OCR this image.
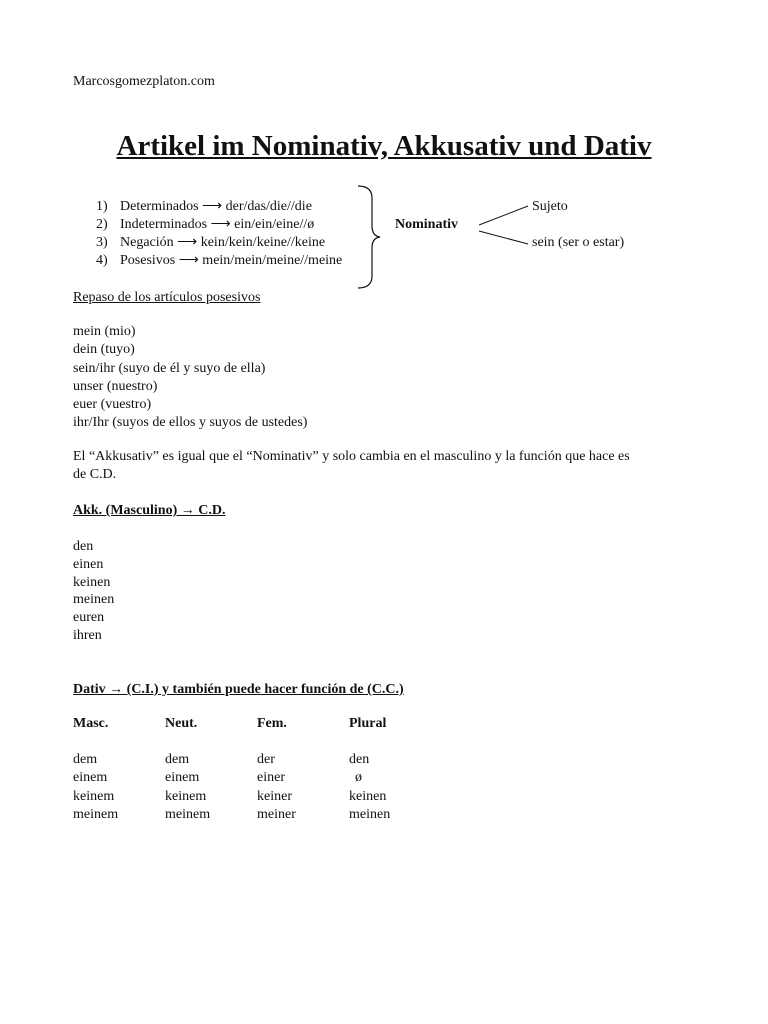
Marcosgomezplaton.com
Artikel im Nominativ, Akkusativ und Dativ
1) Determinados ⟶ der/das/die//die
2) Indeterminados ⟶ ein/ein/eine//ø
3) Negación ⟶ kein/kein/keine//keine
4) Posesivos ⟶ mein/mein/meine//meine
Nominativ
Sujeto
sein (ser o estar)
Repaso de los artículos posesivos
mein (mio)
dein (tuyo)
sein/ihr (suyo de él y suyo de ella)
unser (nuestro)
euer (vuestro)
ihr/Ihr (suyos de ellos y suyos de ustedes)
El “Akkusativ” es igual que el “Nominativ” y solo cambia en el masculino y la función que hace es
de C.D.
Akk. (Masculino) → C.D.
den
einen
keinen
meinen
euren
ihren
Dativ → (C.I.) y también puede hacer función de (C.C.)
Masc.	Neut.	Fem.	Plural
dem	dem	der	den
einem	einem	einer	ø
keinem	keinem	keiner	keinen
meinem	meinem	meiner	meinen
